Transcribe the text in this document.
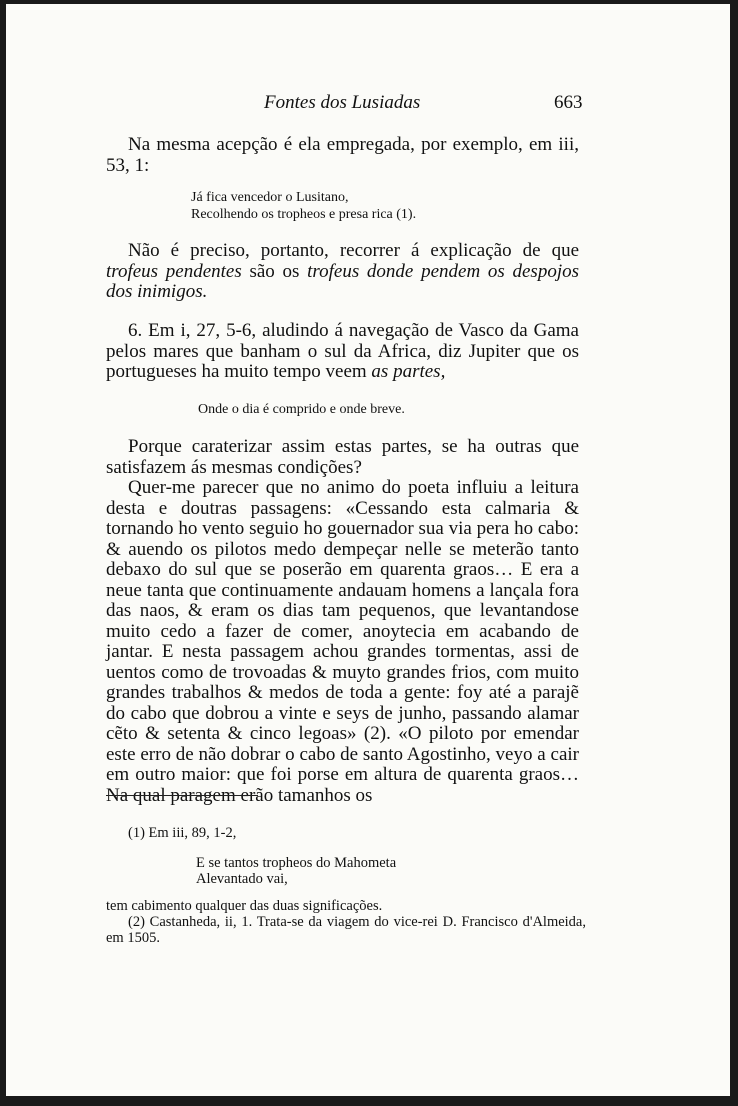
Fontes dos Lusiadas	663

Na mesma acepção é ela empregada, por exemplo, em iii, 53, 1:

Já fica vencedor o Lusitano,

Recolhendo os tropheos e presa rica (1).

Não é preciso, portanto, recorrer á explicação de que trofeus pendentes são os trofeus donde pendem os despojos dos inimigos.

6. Em i, 27, 5-6, aludindo á navegação de Vasco da Gama pelos mares que banham o sul da Africa, diz Jupiter que os portugueses ha muito tempo veem as partes,

Onde o dia é comprido e onde breve.

Porque caraterizar assim estas partes, se ha outras que satisfazem ás mesmas condições?

Quer-me parecer que no animo do poeta influiu a leitura desta e doutras passagens: «Cessando esta calmaria & tornando ho vento seguio ho gouernador sua via pera ho cabo: & auendo os pilotos medo dempeçar nelle se meterão tanto debaxo do sul que se poserão em quarenta graos… E era a neue tanta que continuamente andauam homens a lançala fora das naos, & eram os dias tam pequenos, que levantandose muito cedo a fazer de comer, anoytecia em acabando de jantar. E nesta passagem achou grandes tormentas, assi de uentos como de trovoadas & muyto grandes frios, com muito grandes trabalhos & medos de toda a gente: foy até a parajẽ do cabo que dobrou a vinte e seys de junho, passando alamar cẽto & setenta & cinco legoas» (2). «O piloto por emendar este erro de não dobrar o cabo de santo Agostinho, veyo a cair em outro maior: que foi porse em altura de quarenta graos… Na qual paragem erão tamanhos os

(1) Em iii, 89, 1-2,

E se tantos tropheos do Mahometa

Alevantado vai,

tem cabimento qualquer das duas significações.

(2) Castanheda, ii, 1. Trata-se da viagem do vice-rei D. Francisco d'Almeida, em 1505.
